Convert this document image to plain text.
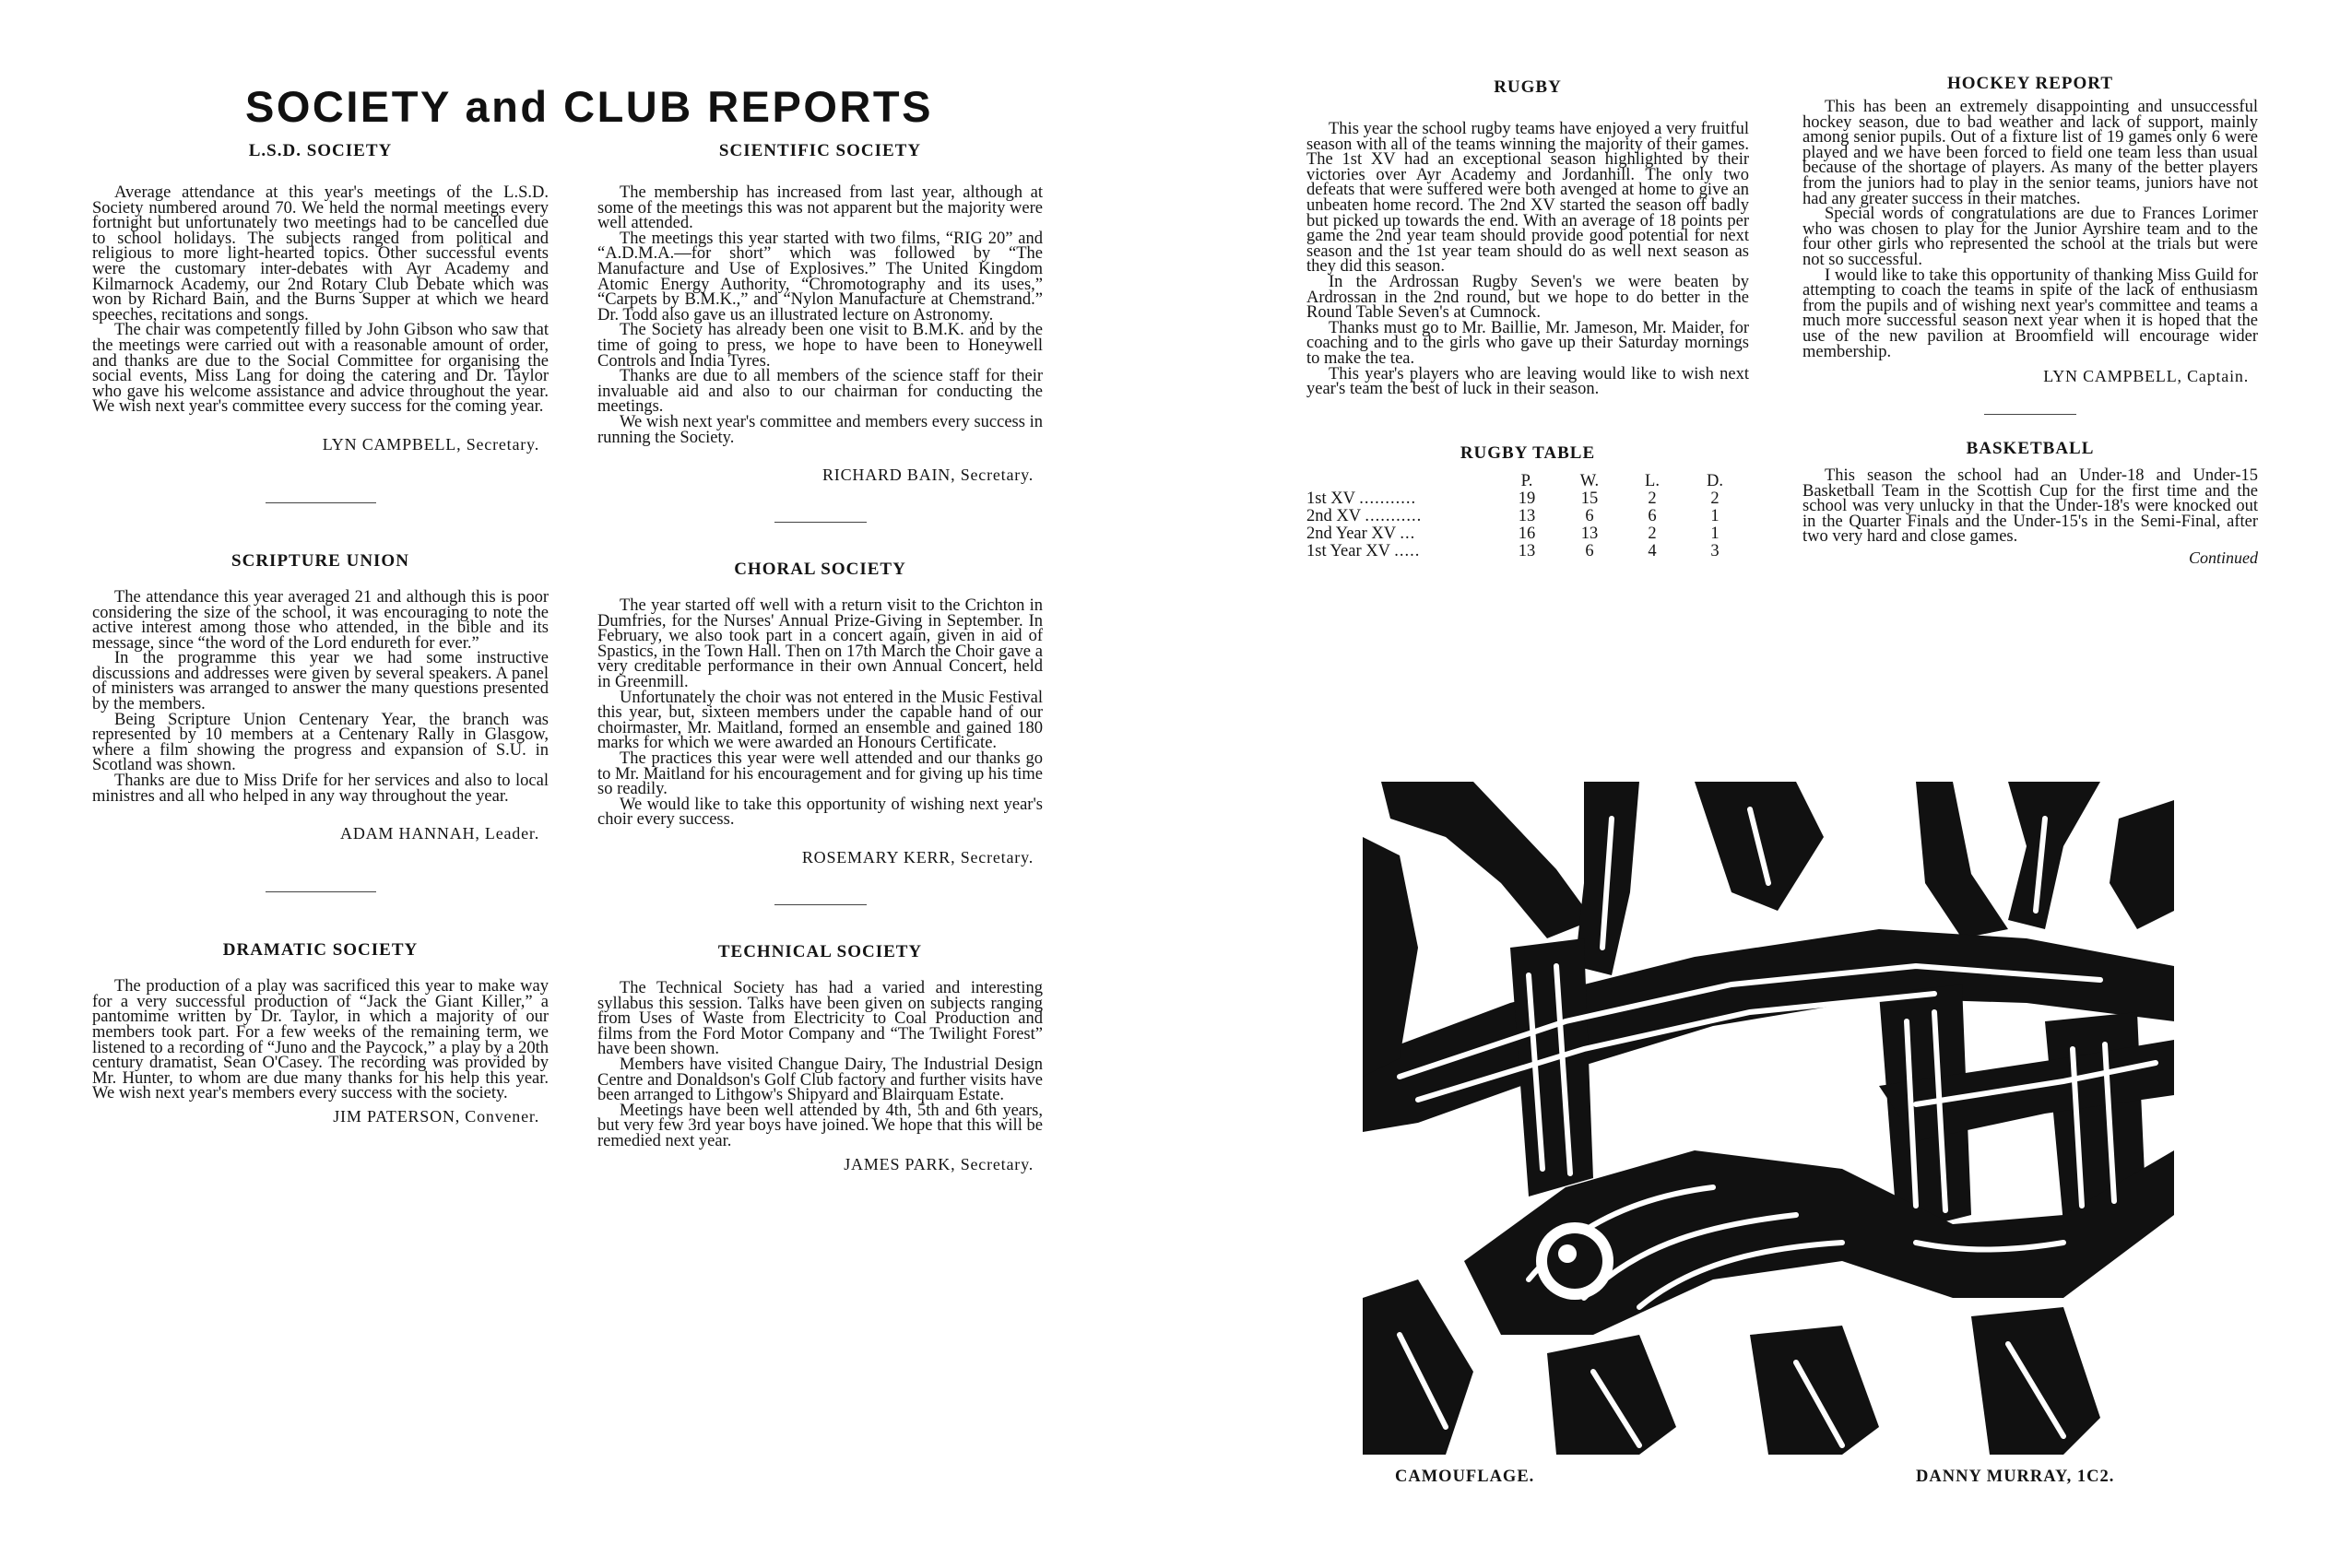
SOCIETY and CLUB REPORTS
L.S.D. SOCIETY

Average attendance at this year's meetings of the L.S.D. Society numbered around 70. We held the normal meetings every fortnight but unfortunately two meetings had to be cancelled due to school holidays. The subjects ranged from political and religious to more light-hearted topics. Other successful events were the customary inter-debates with Ayr Academy and Kilmarnock Academy, our 2nd Rotary Club Debate which was won by Richard Bain, and the Burns Supper at which we heard speeches, recitations and songs.

The chair was competently filled by John Gibson who saw that the meetings were carried out with a reasonable amount of order, and thanks are due to the Social Committee for organising the social events, Miss Lang for doing the catering and Dr. Taylor who gave his welcome assistance and advice throughout the year. We wish next year's committee every success for the coming year.

LYN CAMPBELL, Secretary.
SCRIPTURE UNION

The attendance this year averaged 21 and although this is poor considering the size of the school, it was encouraging to note the active interest among those who attended, in the bible and its message, since “the word of the Lord endureth for ever.”

In the programme this year we had some instructive discussions and addresses were given by several speakers. A panel of ministers was arranged to answer the many questions presented by the members.

Being Scripture Union Centenary Year, the branch was represented by 10 members at a Centenary Rally in Glasgow, where a film showing the progress and expansion of S.U. in Scotland was shown.

Thanks are due to Miss Drife for her services and also to local ministres and all who helped in any way throughout the year.

ADAM HANNAH, Leader.
DRAMATIC SOCIETY

The production of a play was sacrificed this year to make way for a very successful production of “Jack the Giant Killer,” a pantomime written by Dr. Taylor, in which a majority of our members took part. For a few weeks of the remaining term, we listened to a recording of “Juno and the Paycock,” a play by a 20th century dramatist, Sean O'Casey. The recording was provided by Mr. Hunter, to whom are due many thanks for his help this year. We wish next year's members every success with the society.

JIM PATERSON, Convener.
SCIENTIFIC SOCIETY

The membership has increased from last year, although at some of the meetings this was not apparent but the majority were well attended.

The meetings this year started with two films, “RIG 20” and “A.D.M.A.—for short” which was followed by “The Manufacture and Use of Explosives.” The United Kingdom Atomic Energy Authority, “Chromotography and its uses,” “Carpets by B.M.K.,” and “Nylon Manufacture at Chemstrand.” Dr. Todd also gave us an illustrated lecture on Astronomy.

The Society has already been one visit to B.M.K. and by the time of going to press, we hope to have been to Honeywell Controls and India Tyres.

Thanks are due to all members of the science staff for their invaluable aid and also to our chairman for conducting the meetings.

We wish next year's committee and members every success in running the Society.

RICHARD BAIN, Secretary.
CHORAL SOCIETY

The year started off well with a return visit to the Crichton in Dumfries, for the Nurses' Annual Prize-Giving in September. In February, we also took part in a concert again, given in aid of Spastics, in the Town Hall. Then on 17th March the Choir gave a very creditable performance in their own Annual Concert, held in Greenmill.

Unfortunately the choir was not entered in the Music Festival this year, but, sixteen members under the capable hand of our choirmaster, Mr. Maitland, formed an ensemble and gained 180 marks for which we were awarded an Honours Certificate.

The practices this year were well attended and our thanks go to Mr. Maitland for his encouragement and for giving up his time so readily.

We would like to take this opportunity of wishing next year's choir every success.

ROSEMARY KERR, Secretary.
TECHNICAL SOCIETY

The Technical Society has had a varied and interesting syllabus this session. Talks have been given on subjects ranging from Uses of Waste from Electricity to Coal Production and films from the Ford Motor Company and “The Twilight Forest” have been shown.

Members have visited Changue Dairy, The Industrial Design Centre and Donaldson's Golf Club factory and further visits have been arranged to Lithgow's Shipyard and Blairquam Estate.

Meetings have been well attended by 4th, 5th and 6th years, but very few 3rd year boys have joined. We hope that this will be remedied next year.

JAMES PARK, Secretary.
RUGBY

This year the school rugby teams have enjoyed a very fruitful season with all of the teams winning the majority of their games. The 1st XV had an exceptional season highlighted by their victories over Ayr Academy and Jordanhill. The only two defeats that were suffered were both avenged at home to give an unbeaten home record. The 2nd XV started the season off badly but picked up towards the end. With an average of 18 points per game the 2nd year team should provide good potential for next season and the 1st year team should do as well next season as they did this season.

In the Ardrossan Rugby Seven's we were beaten by Ardrossan in the 2nd round, but we hope to do better in the Round Table Seven's at Cumnock.

Thanks must go to Mr. Baillie, Mr. Jameson, Mr. Maider, for coaching and to the girls who gave up their Saturday mornings to make the tea.

This year's players who are leaving would like to wish next year's team the best of luck in their season.

RUGBY TABLE
	P.	W.	L.	D.
1st XV ...........	19	15	2	2
2nd XV ...........	13	6	6	1
2nd Year XV ...	16	13	2	1
1st Year XV .....	13	6	4	3
HOCKEY REPORT

This has been an extremely disappointing and unsuccessful hockey season, due to bad weather and lack of support, mainly among senior pupils. Out of a fixture list of 19 games only 6 were played and we have been forced to field one team less than usual because of the shortage of players. As many of the better players from the juniors had to play in the senior teams, juniors have not had any greater success in their matches.

Special words of congratulations are due to Frances Lorimer who was chosen to play for the Junior Ayrshire team and to the four other girls who represented the school at the trials but were not so successful.

I would like to take this opportunity of thanking Miss Guild for attempting to coach the teams in spite of the lack of enthusiasm from the pupils and of wishing next year's committee and teams a much more successful season next year when it is hoped that the use of the new pavilion at Broomfield will encourage wider membership.

LYN CAMPBELL, Captain.
BASKETBALL

This season the school had an Under-18 and Under-15 Basketball Team in the Scottish Cup for the first time and the school was very unlucky in that the Under-18's were knocked out in the Quarter Finals and the Under-15's in the Semi-Final, after two very hard and close games.

Continued
CAMOUFLAGE.	DANNY MURRAY, 1C2.
